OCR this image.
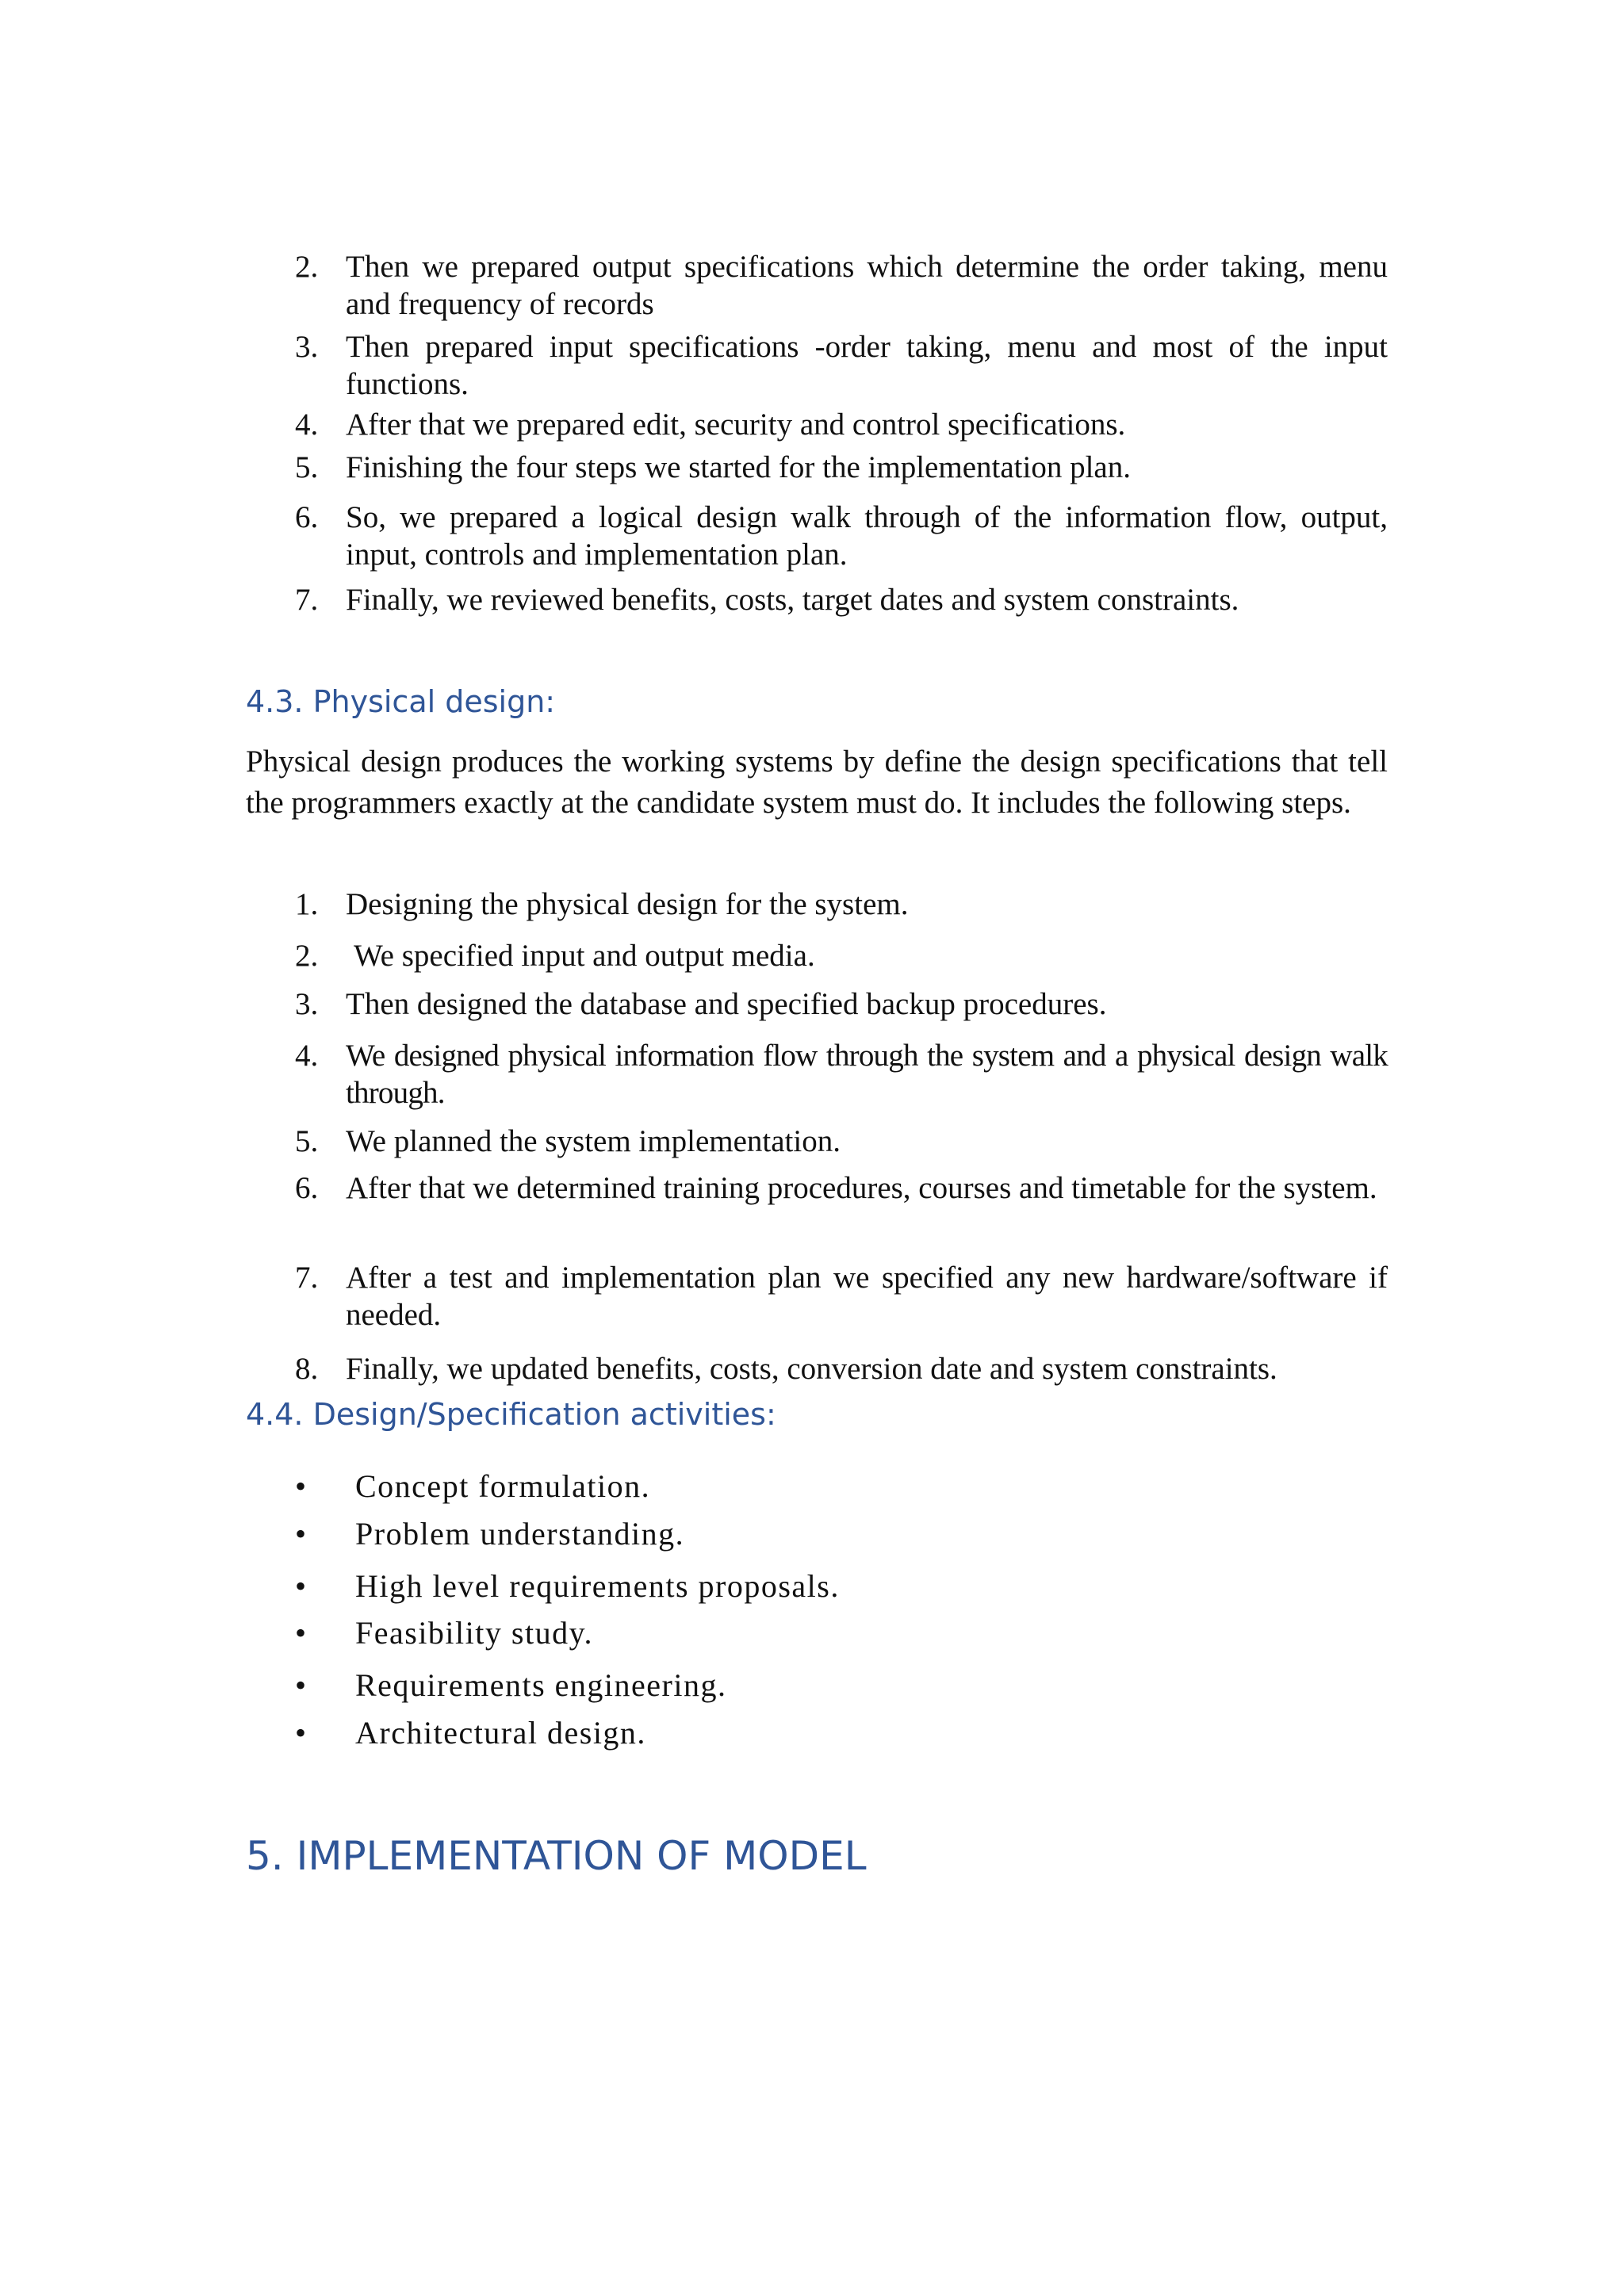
2. Then we prepared output specifications which determine the order taking, menu and frequency of records
3. Then prepared input specifications -order taking, menu and most of the input functions.
4. After that we prepared edit, security and control specifications.
5. Finishing the four steps we started for the implementation plan.
6. So, we prepared a logical design walk through of the information flow, output, input, controls and implementation plan.
7. Finally, we reviewed benefits, costs, target dates and system constraints.
4.3. Physical design:

Physical design produces the working systems by define the design specifications that tell the programmers exactly at the candidate system must do. It includes the following steps.

1. Designing the physical design for the system.
2.	We specified input and output media.
3. Then designed the database and specified backup procedures.
4. We designed physical information flow through the system and a physical design walk through.
5. We planned the system implementation.
6. After that we determined training procedures, courses and timetable for the system.
7. After a test and implementation plan we specified any new hardware/software if needed.
8. Finally, we updated benefits, costs, conversion date and system constraints.
4.4. Design/Specification activities:
•	Concept formulation.
•	Problem understanding.
•	High level requirements proposals.
•	Feasibility study.
•	Requirements engineering.
•	Architectural design.
5. IMPLEMENTATION OF MODEL
